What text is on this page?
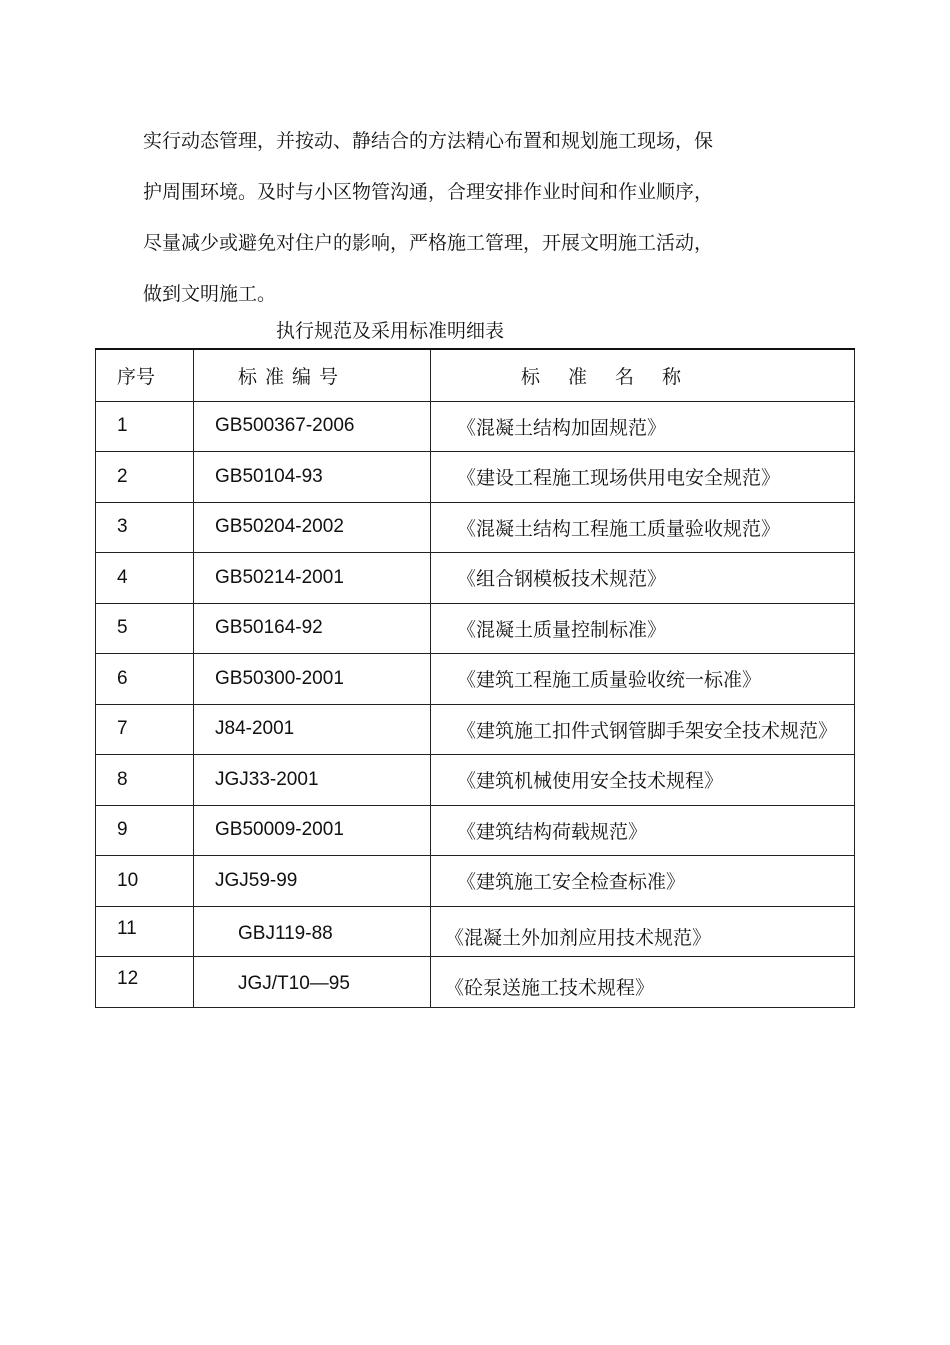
实行动态管理，并按动、静结合的方法精心布置和规划施工现场，保
护周围环境。及时与小区物管沟通，合理安排作业时间和作业顺序，
尽量减少或避免对住户的影响，严格施工管理，开展文明施工活动，
做到文明施工。
执行规范及采用标准明细表
序号	标准编号	标准名称
1	GB500367-2006	《混凝土结构加固规范》
2	GB50104-93	《建设工程施工现场供用电安全规范》
3	GB50204-2002	《混凝土结构工程施工质量验收规范》
4	GB50214-2001	《组合钢模板技术规范》
5	GB50164-92	《混凝土质量控制标准》
6	GB50300-2001	《建筑工程施工质量验收统一标准》
7	J84-2001	《建筑施工扣件式钢管脚手架安全技术规范》
8	JGJ33-2001	《建筑机械使用安全技术规程》
9	GB50009-2001	《建筑结构荷载规范》
10	JGJ59-99	《建筑施工安全检查标准》
11	GBJ119-88	《混凝土外加剂应用技术规范》
12	JGJ/T10—95	《砼泵送施工技术规程》
